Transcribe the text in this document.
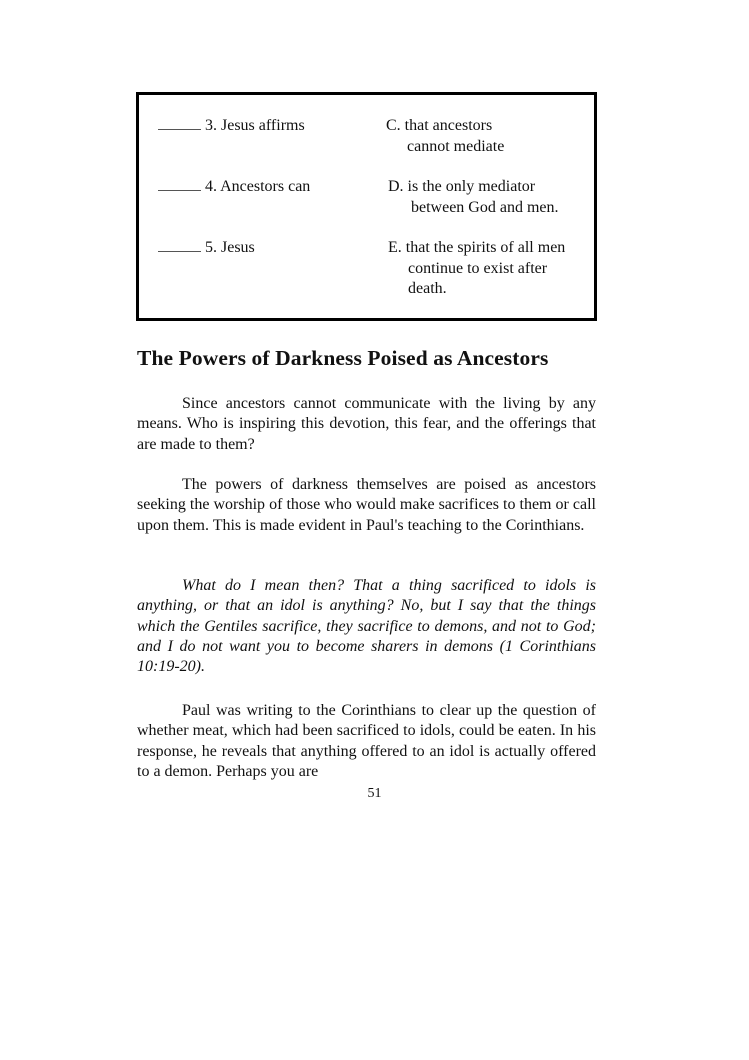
3. Jesus affirms
4. Ancestors can
5. Jesus
C. that ancestors
cannot mediate
D. is the only mediator
between God and men.
E. that the spirits of all men
continue to exist after
death.
The Powers of Darkness Poised as Ancestors

Since ancestors cannot communicate with the living by any means. Who is inspiring this devotion, this fear, and the offerings that are made to them?

The powers of darkness themselves are poised as ancestors seeking the worship of those who would make sacrifices to them or call upon them. This is made evident in Paul's teaching to the Corinthians.

What do I mean then? That a thing sacrificed to idols is anything, or that an idol is anything? No, but I say that the things which the Gentiles sacrifice, they sacrifice to demons, and not to God; and I do not want you to become sharers in demons (1 Corinthians 10:19-20).

Paul was writing to the Corinthians to clear up the question of whether meat, which had been sacrificed to idols, could be eaten. In his response, he reveals that anything offered to an idol is actually offered to a demon. Perhaps you are

51
